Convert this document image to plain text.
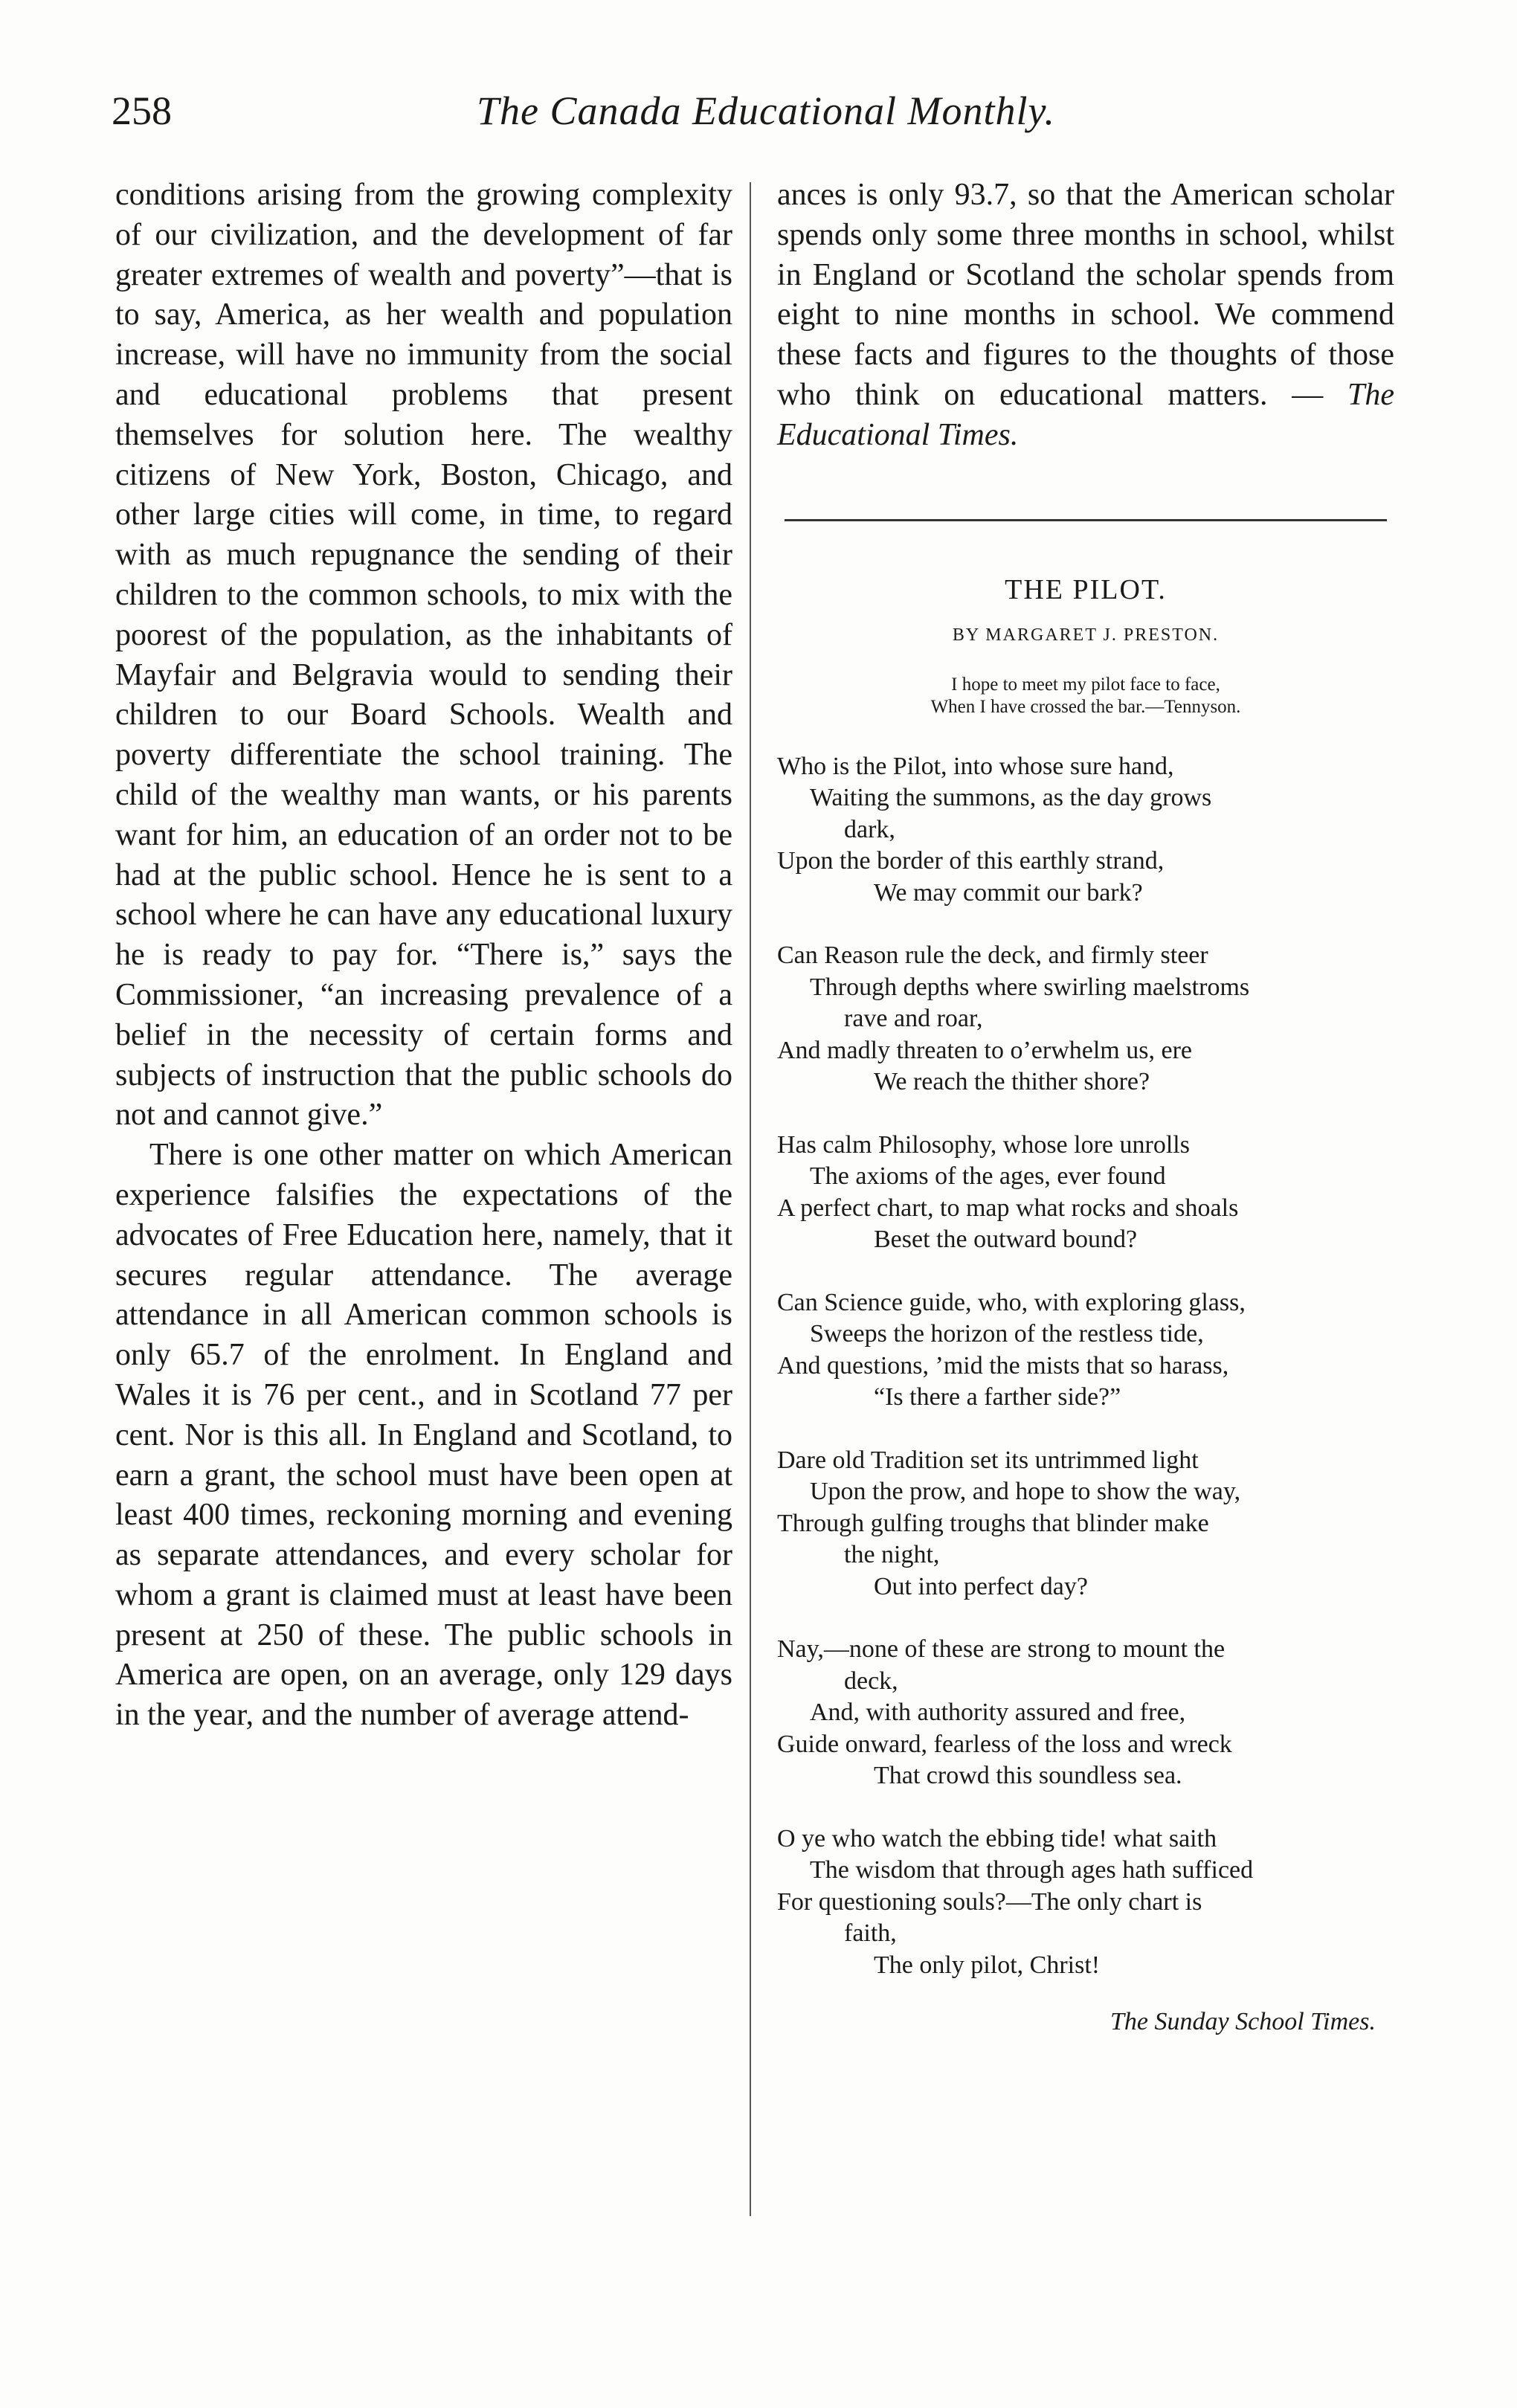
258	The Canada Educational Monthly.

conditions arising from the growing complexity of our civilization, and the development of far greater extremes of wealth and poverty”—that is to say, America, as her wealth and population increase, will have no immunity from the social and educational problems that present themselves for solution here. The wealthy citizens of New York, Boston, Chicago, and other large cities will come, in time, to regard with as much repugnance the sending of their children to the common schools, to mix with the poorest of the population, as the inhabitants of Mayfair and Belgravia would to sending their children to our Board Schools. Wealth and poverty differentiate the school training. The child of the wealthy man wants, or his parents want for him, an education of an order not to be had at the public school. Hence he is sent to a school where he can have any educational luxury he is ready to pay for. “There is,” says the Commissioner, “an increasing prevalence of a belief in the necessity of certain forms and subjects of instruction that the public schools do not and cannot give.”

There is one other matter on which American experience falsifies the expectations of the advocates of Free Education here, namely, that it secures regular attendance. The average attendance in all American common schools is only 65.7 of the enrolment. In England and Wales it is 76 per cent., and in Scotland 77 per cent. Nor is this all. In England and Scotland, to earn a grant, the school must have been open at least 400 times, reckoning morning and evening as separate attendances, and every scholar for whom a grant is claimed must at least have been present at 250 of these. The public schools in America are open, on an average, only 129 days in the year, and the number of average attend-

ances is only 93.7, so that the American scholar spends only some three months in school, whilst in England or Scotland the scholar spends from eight to nine months in school. We commend these facts and figures to the thoughts of those who think on educational matters. — The Educational Times.

THE PILOT.
BY MARGARET J. PRESTON.
I hope to meet my pilot face to face,
When I have crossed the bar.—Tennyson.
Who is the Pilot, into whose sure hand,
Waiting the summons, as the day grows
dark,
Upon the border of this earthly strand,
We may commit our bark?
Can Reason rule the deck, and firmly steer
Through depths where swirling maelstroms
rave and roar,
And madly threaten to o’erwhelm us, ere
We reach the thither shore?
Has calm Philosophy, whose lore unrolls
The axioms of the ages, ever found
A perfect chart, to map what rocks and shoals
Beset the outward bound?
Can Science guide, who, with exploring glass,
Sweeps the horizon of the restless tide,
And questions, ’mid the mists that so harass,
“Is there a farther side?”
Dare old Tradition set its untrimmed light
Upon the prow, and hope to show the way,
Through gulfing troughs that blinder make
the night,
Out into perfect day?
Nay,—none of these are strong to mount the
deck,
And, with authority assured and free,
Guide onward, fearless of the loss and wreck
That crowd this soundless sea.
O ye who watch the ebbing tide! what saith
The wisdom that through ages hath sufficed
For questioning souls?—The only chart is
faith,
The only pilot, Christ!
The Sunday School Times.
